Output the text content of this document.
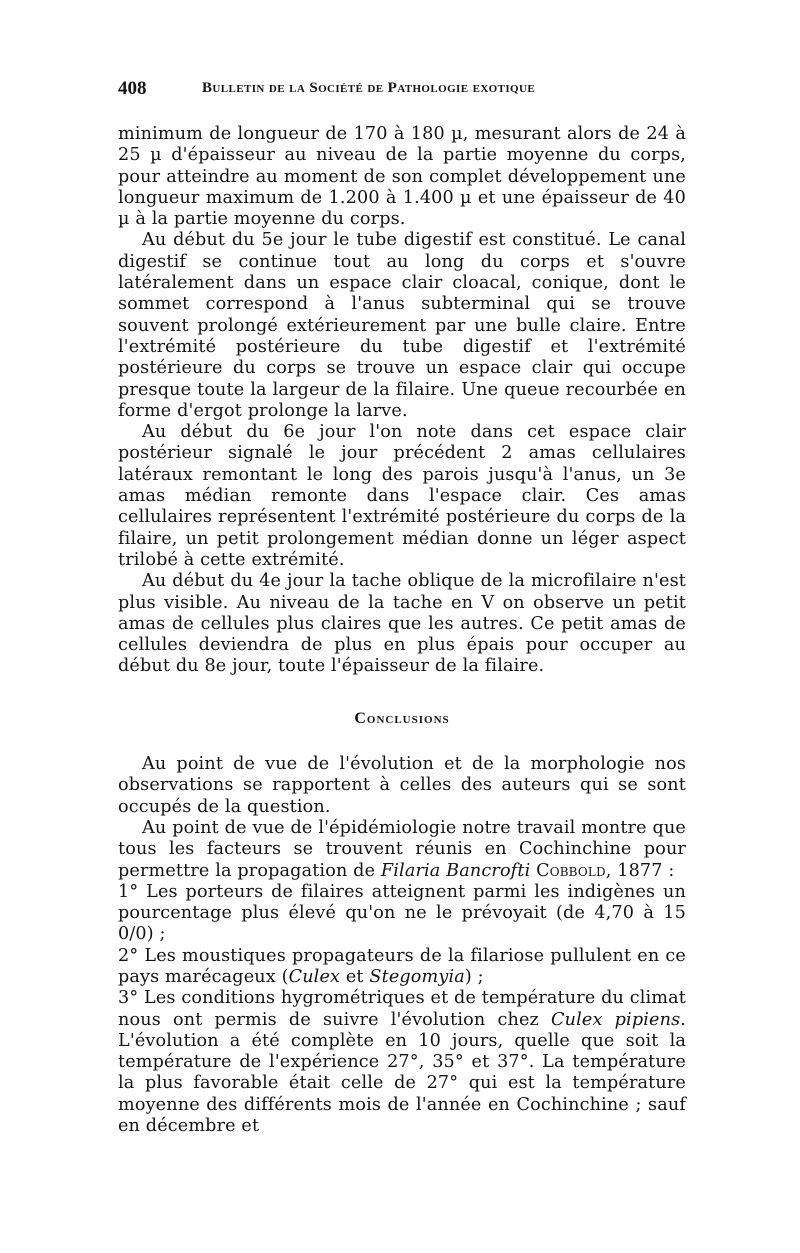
408	Bulletin de la Société de Pathologie exotique

minimum de longueur de 170 à 180 µ, mesurant alors de 24 à 25 µ d'épaisseur au niveau de la partie moyenne du corps, pour atteindre au moment de son complet développement une longueur maximum de 1.200 à 1.400 µ et une épaisseur de 40 µ à la partie moyenne du corps.

Au début du 5e jour le tube digestif est constitué. Le canal digestif se continue tout au long du corps et s'ouvre latéralement dans un espace clair cloacal, conique, dont le sommet correspond à l'anus subterminal qui se trouve souvent prolongé extérieurement par une bulle claire. Entre l'extrémité postérieure du tube digestif et l'extrémité postérieure du corps se trouve un espace clair qui occupe presque toute la largeur de la filaire. Une queue recourbée en forme d'ergot prolonge la larve.

Au début du 6e jour l'on note dans cet espace clair postérieur signalé le jour précédent 2 amas cellulaires latéraux remontant le long des parois jusqu'à l'anus, un 3e amas médian remonte dans l'espace clair. Ces amas cellulaires représentent l'extrémité postérieure du corps de la filaire, un petit prolongement médian donne un léger aspect trilobé à cette extrémité.

Au début du 4e jour la tache oblique de la microfilaire n'est plus visible. Au niveau de la tache en V on observe un petit amas de cellules plus claires que les autres. Ce petit amas de cellules deviendra de plus en plus épais pour occuper au début du 8e jour, toute l'épaisseur de la filaire.

Conclusions

Au point de vue de l'évolution et de la morphologie nos observations se rapportent à celles des auteurs qui se sont occupés de la question.

Au point de vue de l'épidémiologie notre travail montre que tous les facteurs se trouvent réunis en Cochinchine pour permettre la propagation de Filaria Bancrofti Cobbold, 1877 :

1° Les porteurs de filaires atteignent parmi les indigènes un pourcentage plus élevé qu'on ne le prévoyait (de 4,70 à 15 0/0) ;

2° Les moustiques propagateurs de la filariose pullulent en ce pays marécageux (Culex et Stegomyia) ;

3° Les conditions hygrométriques et de température du climat nous ont permis de suivre l'évolution chez Culex pipiens. L'évolution a été complète en 10 jours, quelle que soit la température de l'expérience 27°, 35° et 37°. La température la plus favorable était celle de 27° qui est la température moyenne des différents mois de l'année en Cochinchine ; sauf en décembre et
